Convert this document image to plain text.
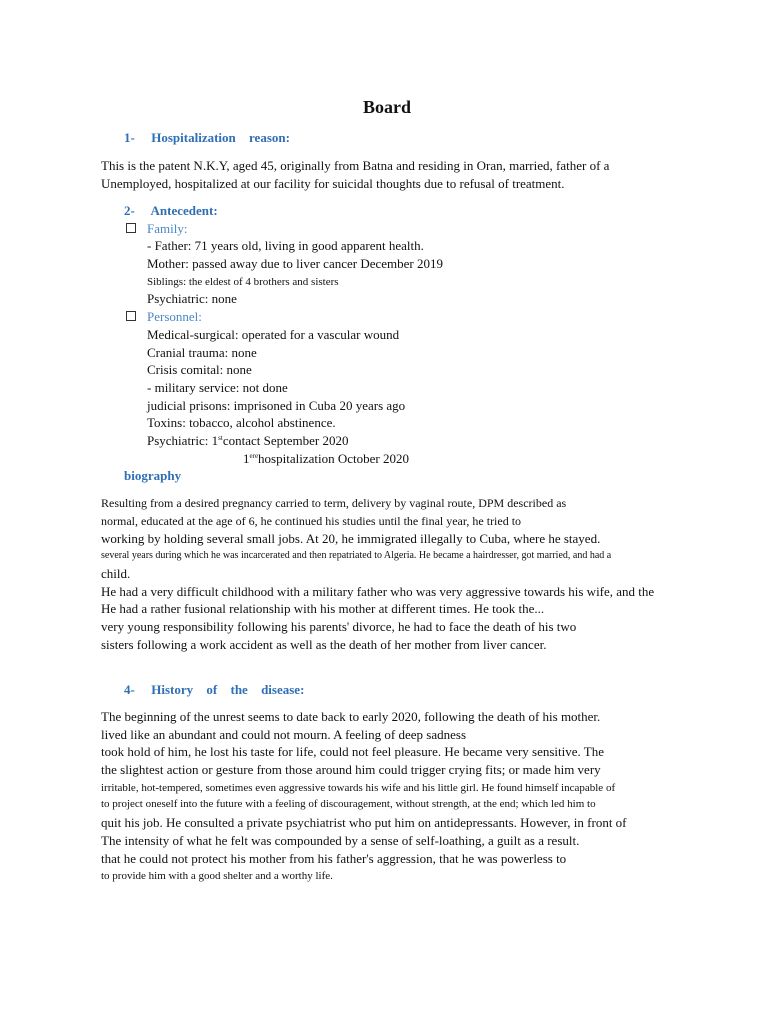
Board
1- Hospitalization reason:
This is the patent N.K.Y, aged 45, originally from Batna and residing in Oran, married, father of a
Unemployed, hospitalized at our facility for suicidal thoughts due to refusal of treatment.
2- Antecedent:
Family:
- Father: 71 years old, living in good apparent health.
Mother: passed away due to liver cancer December 2019
Siblings: the eldest of 4 brothers and sisters
Psychiatric: none
Personnel:
Medical-surgical: operated for a vascular wound
Cranial trauma: none
Crisis comital: none
- military service: not done
judicial prisons: imprisoned in Cuba 20 years ago
Toxins: tobacco, alcohol abstinence.
Psychiatric: 1stcontact September 2020
1erehospitalization October 2020
biography
Resulting from a desired pregnancy carried to term, delivery by vaginal route, DPM described as
normal, educated at the age of 6, he continued his studies until the final year, he tried to
working by holding several small jobs. At 20, he immigrated illegally to Cuba, where he stayed.
several years during which he was incarcerated and then repatriated to Algeria. He became a hairdresser, got married, and had a
child.
He had a very difficult childhood with a military father who was very aggressive towards his wife, and the
He had a rather fusional relationship with his mother at different times. He took the...
very young responsibility following his parents' divorce, he had to face the death of his two
sisters following a work accident as well as the death of her mother from liver cancer.
4- History of the disease:
The beginning of the unrest seems to date back to early 2020, following the death of his mother.
lived like an abundant and could not mourn. A feeling of deep sadness
took hold of him, he lost his taste for life, could not feel pleasure. He became very sensitive. The
the slightest action or gesture from those around him could trigger crying fits; or made him very
irritable, hot-tempered, sometimes even aggressive towards his wife and his little girl. He found himself incapable of
to project oneself into the future with a feeling of discouragement, without strength, at the end; which led him to
quit his job. He consulted a private psychiatrist who put him on antidepressants. However, in front of
The intensity of what he felt was compounded by a sense of self-loathing, a guilt as a result.
that he could not protect his mother from his father's aggression, that he was powerless to
to provide him with a good shelter and a worthy life.
